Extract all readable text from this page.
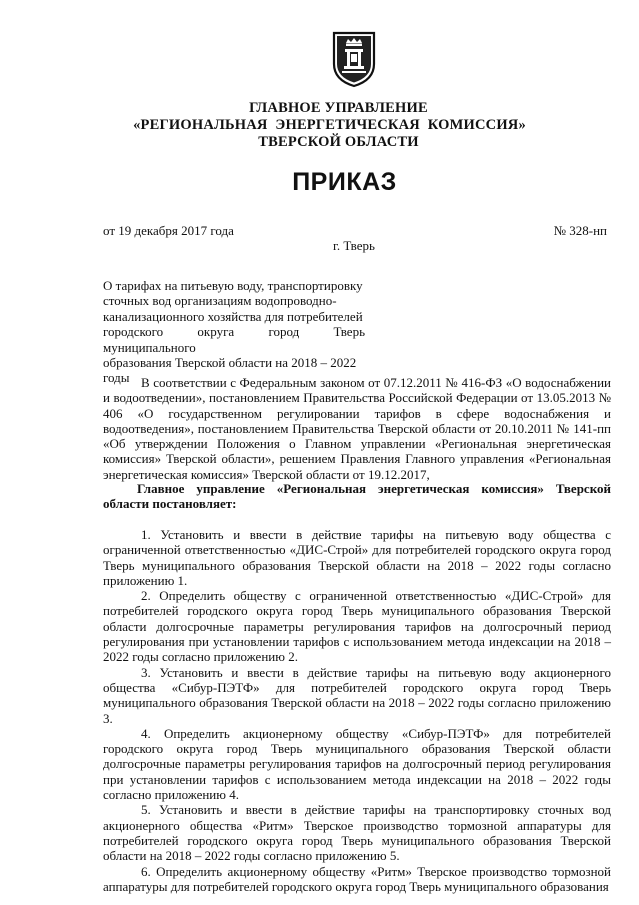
ГЛАВНОЕ УПРАВЛЕНИЕ
«РЕГИОНАЛЬНАЯ ЭНЕРГЕТИЧЕСКАЯ КОМИССИЯ»
ТВЕРСКОЙ ОБЛАСТИ
ПРИКАЗ
от 19 декабря 2017 года	№ 328-нп
г. Тверь
О тарифах на питьевую воду, транспортировку
сточных вод организациям водопроводно-
канализационного хозяйства для потребителей
городского округа город Тверь муниципального
образования Тверской области на 2018 – 2022
годы В соответствии с Федеральным законом от 07.12.2011 № 416-ФЗ «О водоснабжении и водоотведении», постановлением Правительства Российской Федерации от 13.05.2013 № 406 «О государственном регулировании тарифов в сфере водоснабжения и водоотведения», постановлением Правительства Тверской области от 20.10.2011 № 141-пп «Об утверждении Положения о Главном управлении «Региональная энергетическая комиссия» Тверской области», решением Правления Главного управления «Региональная энергетическая комиссия» Тверской области от 19.12.2017,
Главное управление «Региональная энергетическая комиссия» Тверской области постановляет:

1. Установить и ввести в действие тарифы на питьевую воду общества с ограниченной ответственностью «ДИС-Строй» для потребителей городского округа город Тверь муниципального образования Тверской области на 2018 – 2022 годы согласно приложению 1.

2. Определить обществу с ограниченной ответственностью «ДИС-Строй» для потребителей городского округа город Тверь муниципального образования Тверской области долгосрочные параметры регулирования тарифов на долгосрочный период регулирования при установлении тарифов с использованием метода индексации на 2018 – 2022 годы согласно приложению 2.

3. Установить и ввести в действие тарифы на питьевую воду акционерного общества «Сибур-ПЭТФ» для потребителей городского округа город Тверь муниципального образования Тверской области на 2018 – 2022 годы согласно приложению 3.

4. Определить акционерному обществу «Сибур-ПЭТФ» для потребителей городского округа город Тверь муниципального образования Тверской области долгосрочные параметры регулирования тарифов на долгосрочный период регулирования при установлении тарифов с использованием метода индексации на 2018 – 2022 годы согласно приложению 4.

5. Установить и ввести в действие тарифы на транспортировку сточных вод акционерного общества «Ритм» Тверское производство тормозной аппаратуры для потребителей городского округа город Тверь муниципального образования Тверской области на 2018 – 2022 годы согласно приложению 5.

6. Определить акционерному обществу «Ритм» Тверское производство тормозной аппаратуры для потребителей городского округа город Тверь муниципального образования
